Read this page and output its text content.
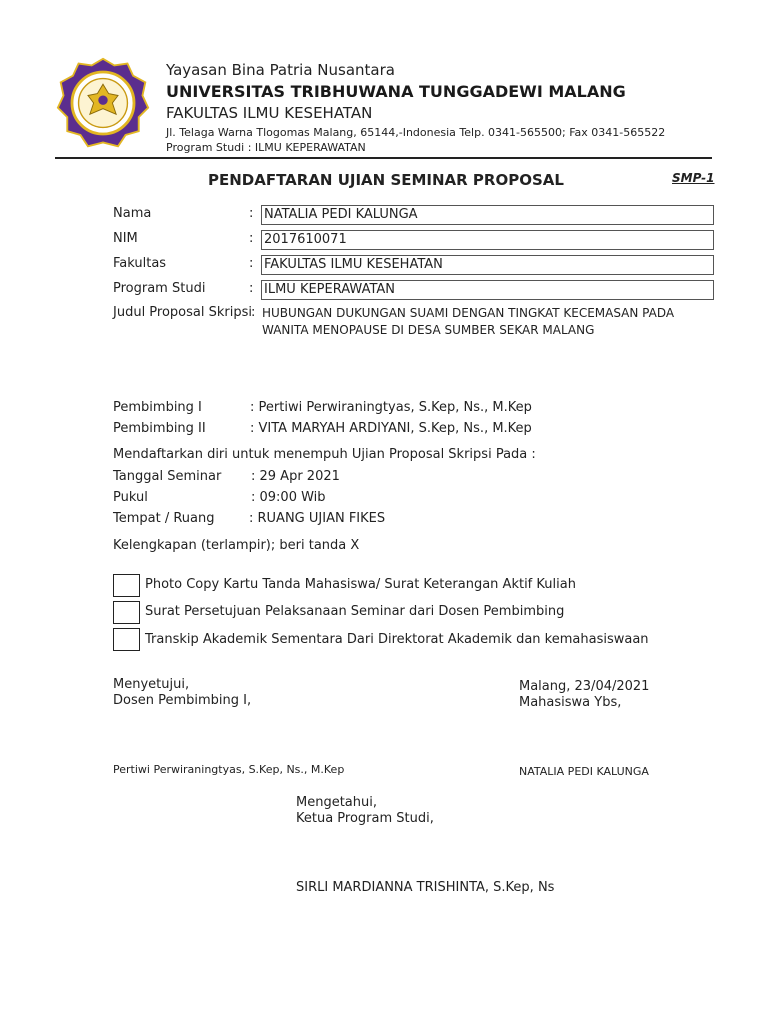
Yayasan Bina Patria Nusantara
UNIVERSITAS TRIBHUWANA TUNGGADEWI MALANG
FAKULTAS ILMU KESEHATAN
Jl. Telaga Warna Tlogomas Malang, 65144,-Indonesia Telp. 0341-565500; Fax 0341-565522
Program Studi : ILMU KEPERAWATAN
PENDAFTARAN UJIAN SEMINAR PROPOSAL	SMP-1
Nama	: NATALIA PEDI KALUNGA
NIM	: 2017610071
Fakultas	: FAKULTAS ILMU KESEHATAN
Program Studi	: ILMU KEPERAWATAN
Judul Proposal Skripsi : HUBUNGAN DUKUNGAN SUAMI DENGAN TINGKAT KECEMASAN PADA WANITA MENOPAUSE DI DESA SUMBER SEKAR MALANG
Pembimbing I	: Pertiwi Perwiraningtyas, S.Kep, Ns., M.Kep
Pembimbing II	: VITA MARYAH ARDIYANI, S.Kep, Ns., M.Kep
Mendaftarkan diri untuk menempuh Ujian Proposal Skripsi Pada :
Tanggal Seminar : 29 Apr 2021
Pukul	: 09:00 Wib
Tempat / Ruang	: RUANG UJIAN FIKES
Kelengkapan (terlampir); beri tanda X
Photo Copy Kartu Tanda Mahasiswa/ Surat Keterangan Aktif Kuliah
Surat Persetujuan Pelaksanaan Seminar dari Dosen Pembimbing
Transkip Akademik Sementara Dari Direktorat Akademik dan kemahasiswaan
Menyetujui,
Dosen Pembimbing I,
Malang, 23/04/2021
Mahasiswa Ybs,
Pertiwi Perwiraningtyas, S.Kep, Ns., M.Kep	NATALIA PEDI KALUNGA
Mengetahui,
Ketua Program Studi,
SIRLI MARDIANNA TRISHINTA, S.Kep, Ns
